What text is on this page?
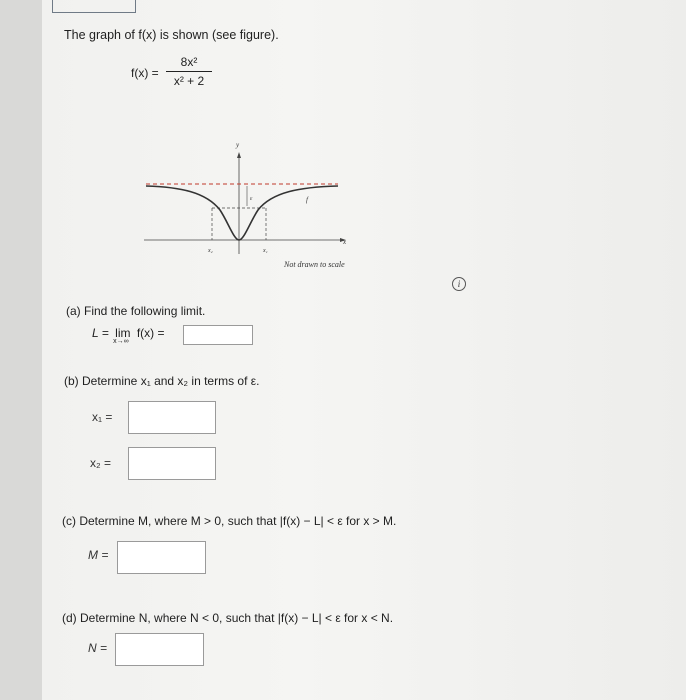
The graph of f(x) is shown (see figure).
f(x) =
8x²
x² + 2
y
x
ε	f
x₂	x₁
Not drawn to scale
i
(a) Find the following limit.
L = lim
x→∞
f(x) =
(b) Determine x₁ and x₂ in terms of ε.
x₁ =
x₂ =
(c) Determine M, where M > 0, such that |f(x) − L| < ε for x > M.
M =
(d) Determine N, where N < 0, such that |f(x) − L| < ε for x < N.
N =
